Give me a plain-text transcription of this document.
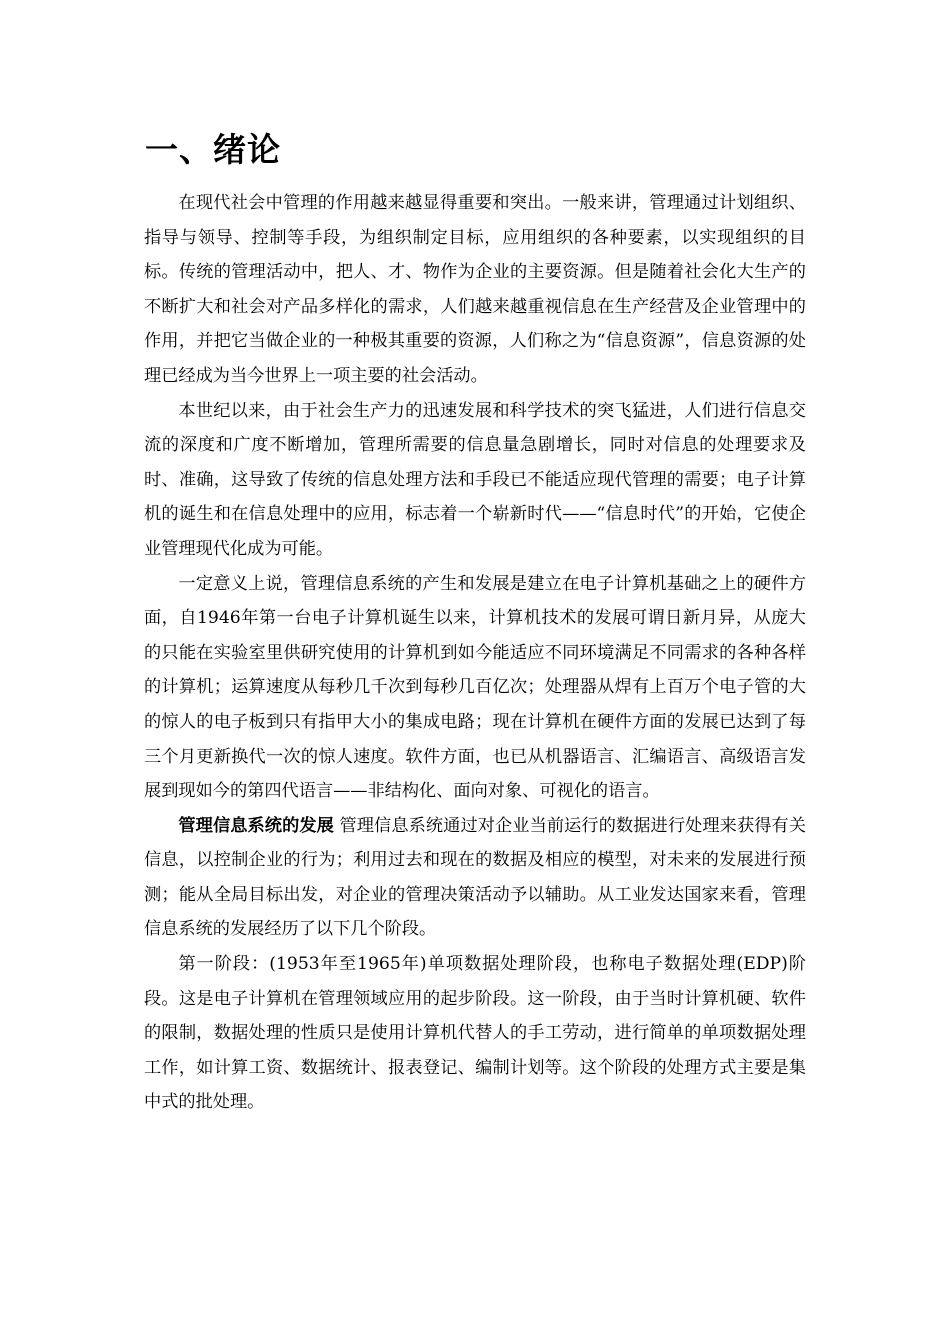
一、绪论

在现代社会中管理的作用越来越显得重要和突出。一般来讲，管理通过计划组织、指导与领导、控制等手段，为组织制定目标，应用组织的各种要素，以实现组织的目标。传统的管理活动中，把人、才、物作为企业的主要资源。但是随着社会化大生产的不断扩大和社会对产品多样化的需求，人们越来越重视信息在生产经营及企业管理中的作用，并把它当做企业的一种极其重要的资源，人们称之为“信息资源”，信息资源的处理已经成为当今世界上一项主要的社会活动。

本世纪以来，由于社会生产力的迅速发展和科学技术的突飞猛进，人们进行信息交流的深度和广度不断增加，管理所需要的信息量急剧增长，同时对信息的处理要求及时、准确，这导致了传统的信息处理方法和手段已不能适应现代管理的需要；电子计算机的诞生和在信息处理中的应用，标志着一个崭新时代——“信息时代”的开始，它使企业管理现代化成为可能。

一定意义上说，管理信息系统的产生和发展是建立在电子计算机基础之上的硬件方面，自1946年第一台电子计算机诞生以来，计算机技术的发展可谓日新月异，从庞大的只能在实验室里供研究使用的计算机到如今能适应不同环境满足不同需求的各种各样的计算机；运算速度从每秒几千次到每秒几百亿次；处理器从焊有上百万个电子管的大的惊人的电子板到只有指甲大小的集成电路；现在计算机在硬件方面的发展已达到了每三个月更新换代一次的惊人速度。软件方面，也已从机器语言、汇编语言、高级语言发展到现如今的第四代语言——非结构化、面向对象、可视化的语言。

管理信息系统的发展 管理信息系统通过对企业当前运行的数据进行处理来获得有关信息，以控制企业的行为；利用过去和现在的数据及相应的模型，对未来的发展进行预测；能从全局目标出发，对企业的管理决策活动予以辅助。从工业发达国家来看，管理信息系统的发展经历了以下几个阶段。

第一阶段：(1953年至1965年)单项数据处理阶段，也称电子数据处理(EDP)阶段。这是电子计算机在管理领域应用的起步阶段。这一阶段，由于当时计算机硬、软件的限制，数据处理的性质只是使用计算机代替人的手工劳动，进行简单的单项数据处理工作，如计算工资、数据统计、报表登记、编制计划等。这个阶段的处理方式主要是集中式的批处理。
